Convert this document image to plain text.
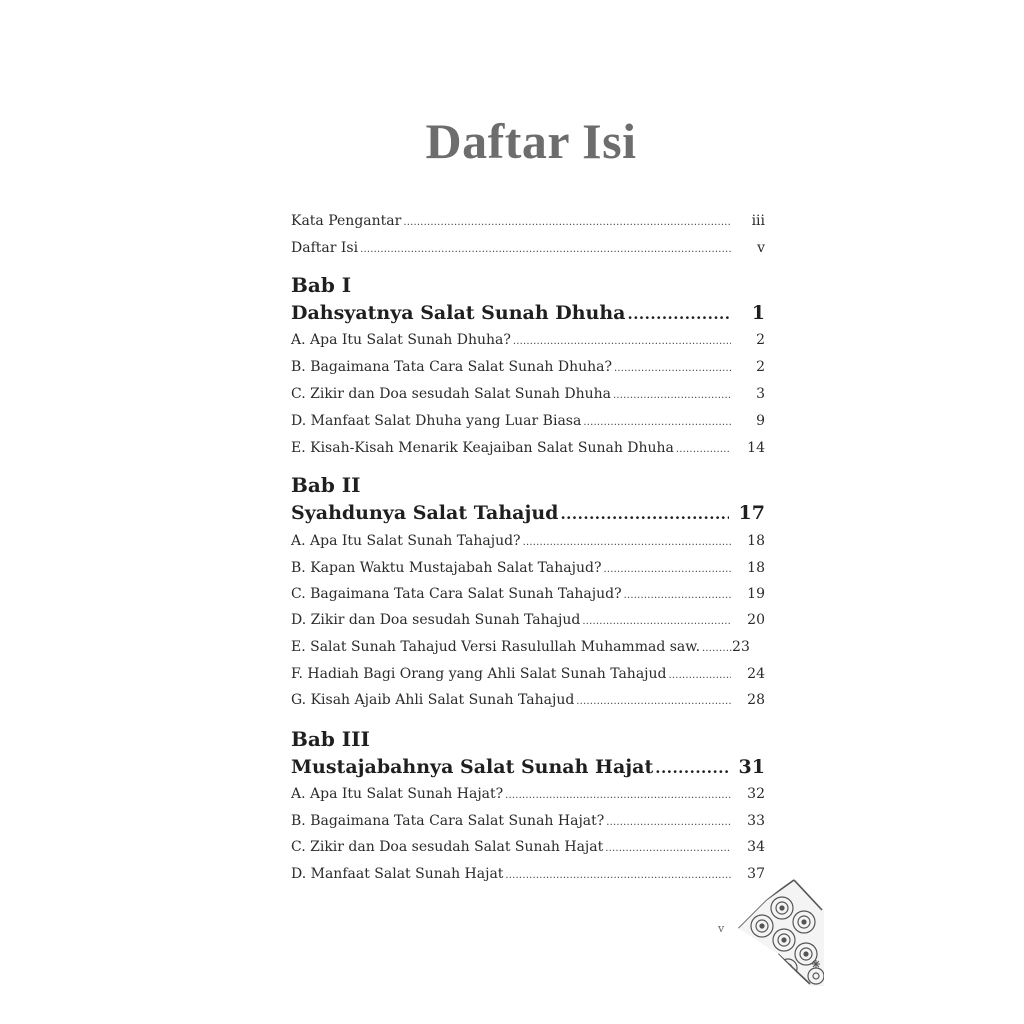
Daftar Isi
Kata Pengantar .....	iii
Daftar Isi .....	v
Bab I
Dahsyatnya Salat Sunah Dhuha .....	1
A. Apa Itu Salat Sunah Dhuha? .....	2
B. Bagaimana Tata Cara Salat Sunah Dhuha? .....	2
C. Zikir dan Doa sesudah Salat Sunah Dhuha .....	3
D. Manfaat Salat Dhuha yang Luar Biasa .....	9
E. Kisah-Kisah Menarik Keajaiban Salat Sunah Dhuha .....	14
Bab II
Syahdunya Salat Tahajud .....	17
A. Apa Itu Salat Sunah Tahajud? .....	18
B. Kapan Waktu Mustajabah Salat Tahajud? .....	18
C. Bagaimana Tata Cara Salat Sunah Tahajud? .....	19
D. Zikir dan Doa sesudah Sunah Tahajud .....	20
E. Salat Sunah Tahajud Versi Rasulullah Muhammad saw. ..... 23
F. Hadiah Bagi Orang yang Ahli Salat Sunah Tahajud .....	24
G. Kisah Ajaib Ahli Salat Sunah Tahajud .....	28
Bab III
Mustajabahnya Salat Sunah Hajat .....	31
A. Apa Itu Salat Sunah Hajat? .....	32
B. Bagaimana Tata Cara Salat Sunah Hajat? .....	33
C. Zikir dan Doa sesudah Salat Sunah Hajat .....	34
D. Manfaat Salat Sunah Hajat .....	37
v
